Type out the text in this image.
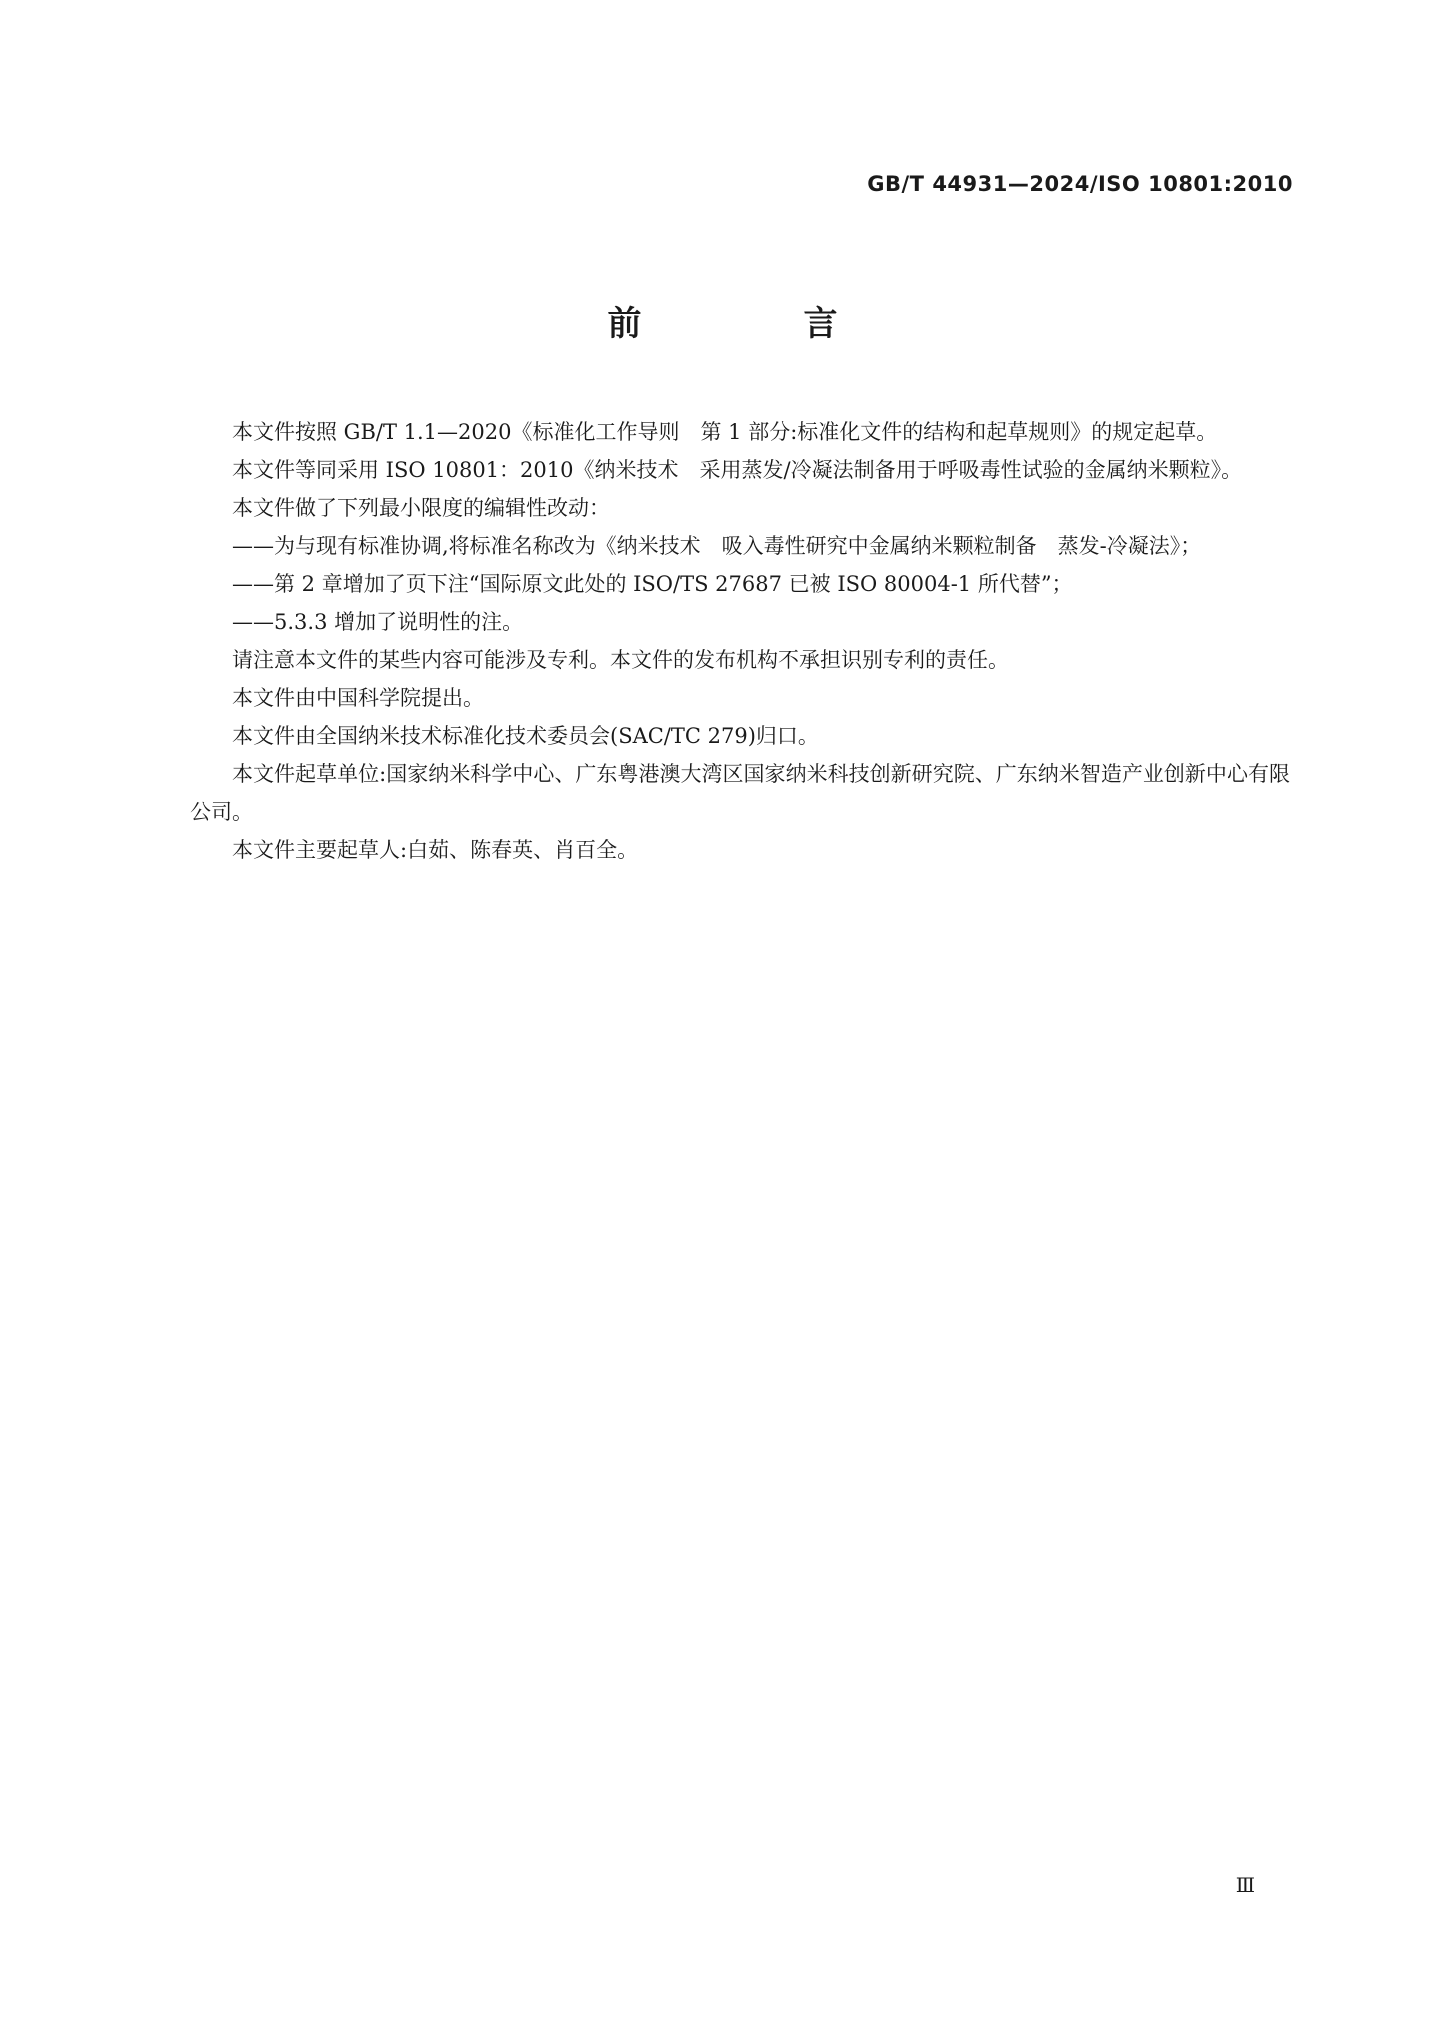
GB/T 44931—2024/ISO 10801:2010
前　言

本文件按照 GB/T 1.1—2020《标准化工作导则　第 1 部分:标准化文件的结构和起草规则》的规定起草。

本文件等同采用 ISO 10801：2010《纳米技术　采用蒸发/冷凝法制备用于呼吸毒性试验的金属纳米颗粒》。

本文件做了下列最小限度的编辑性改动：

——为与现有标准协调,将标准名称改为《纳米技术　吸入毒性研究中金属纳米颗粒制备　蒸发-冷凝法》；

——第 2 章增加了页下注“国际原文此处的 ISO/TS 27687 已被 ISO 80004-1 所代替”；

——5.3.3 增加了说明性的注。

请注意本文件的某些内容可能涉及专利。本文件的发布机构不承担识别专利的责任。

本文件由中国科学院提出。

本文件由全国纳米技术标准化技术委员会(SAC/TC 279)归口。

本文件起草单位:国家纳米科学中心、广东粤港澳大湾区国家纳米科技创新研究院、广东纳米智造产业创新中心有限公司。

本文件主要起草人:白茹、陈春英、肖百全。

Ⅲ
